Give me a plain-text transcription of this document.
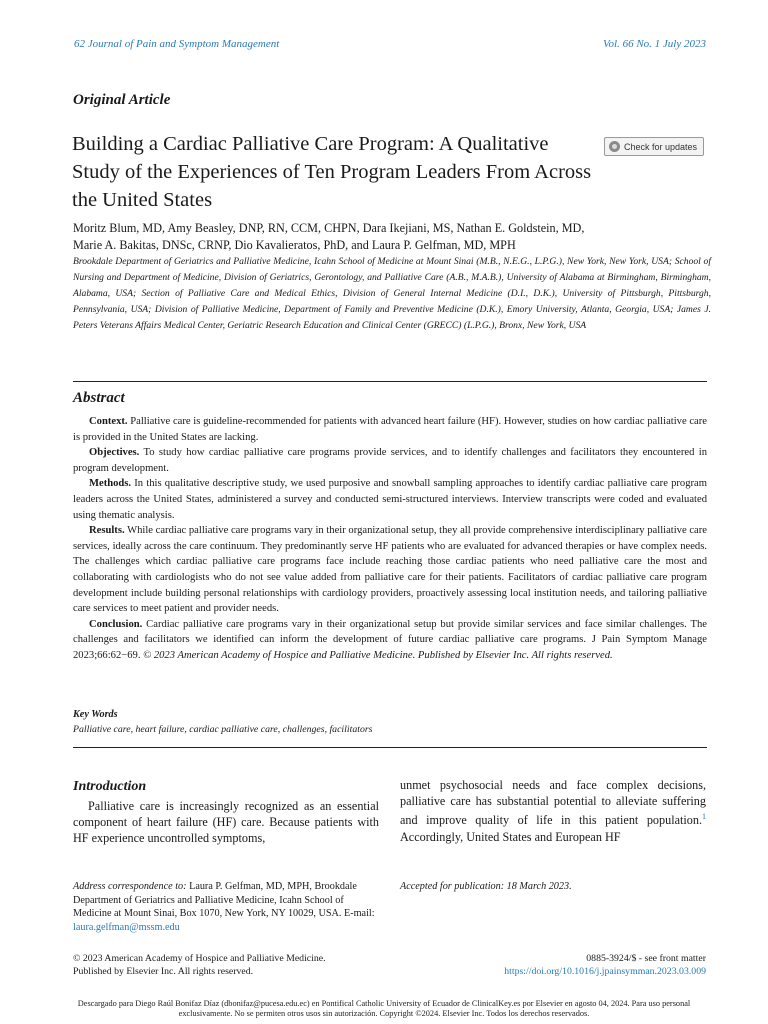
62 Journal of Pain and Symptom Management	Vol. 66 No. 1 July 2023
Original Article
Building a Cardiac Palliative Care Program: A Qualitative Study of the Experiences of Ten Program Leaders From Across the United States
Check for updates
Moritz Blum, MD, Amy Beasley, DNP, RN, CCM, CHPN, Dara Ikejiani, MS, Nathan E. Goldstein, MD,
Marie A. Bakitas, DNSc, CRNP, Dio Kavalieratos, PhD, and Laura P. Gelfman, MD, MPH
Brookdale Department of Geriatrics and Palliative Medicine, Icahn School of Medicine at Mount Sinai (M.B., N.E.G., L.P.G.), New York, New York, USA; School of Nursing and Department of Medicine, Division of Geriatrics, Gerontology, and Palliative Care (A.B., M.A.B.), University of Alabama at Birmingham, Birmingham, Alabama, USA; Section of Palliative Care and Medical Ethics, Division of General Internal Medicine (D.I., D.K.), University of Pittsburgh, Pittsburgh, Pennsylvania, USA; Division of Palliative Medicine, Department of Family and Preventive Medicine (D.K.), Emory University, Atlanta, Georgia, USA; James J. Peters Veterans Affairs Medical Center, Geriatric Research Education and Clinical Center (GRECC) (L.P.G.), Bronx, New York, USA
Abstract

Context. Palliative care is guideline-recommended for patients with advanced heart failure (HF). However, studies on how cardiac palliative care is provided in the United States are lacking.

Objectives. To study how cardiac palliative care programs provide services, and to identify challenges and facilitators they encountered in program development.

Methods. In this qualitative descriptive study, we used purposive and snowball sampling approaches to identify cardiac palliative care program leaders across the United States, administered a survey and conducted semi-structured interviews. Interview transcripts were coded and evaluated using thematic analysis.

Results. While cardiac palliative care programs vary in their organizational setup, they all provide comprehensive interdisciplinary palliative care services, ideally across the care continuum. They predominantly serve HF patients who are evaluated for advanced therapies or have complex needs. The challenges which cardiac palliative care programs face include reaching those cardiac patients who need palliative care the most and collaborating with cardiologists who do not see value added from palliative care for their patients. Facilitators of cardiac palliative care program development include building personal relationships with cardiology providers, proactively assessing local institution needs, and tailoring palliative care services to meet patient and provider needs.

Conclusion. Cardiac palliative care programs vary in their organizational setup but provide similar services and face similar challenges. The challenges and facilitators we identified can inform the development of future cardiac palliative care programs. J Pain Symptom Manage 2023;66:62−69. © 2023 American Academy of Hospice and Palliative Medicine. Published by Elsevier Inc. All rights reserved.

Key Words
Palliative care, heart failure, cardiac palliative care, challenges, facilitators
Introduction
Palliative care is increasingly recognized as an essential component of heart failure (HF) care. Because patients with HF experience uncontrolled symptoms,
unmet psychosocial needs and face complex decisions, palliative care has substantial potential to alleviate suffering and improve quality of life in this patient population.$^1$ Accordingly, United States and European HF
Address correspondence to: Laura P. Gelfman, MD, MPH, Brookdale Department of Geriatrics and Palliative Medicine, Icahn School of Medicine at Mount Sinai, Box 1070, New York, NY 10029, USA. E-mail: laura.gelfman@mssm.edu
Accepted for publication: 18 March 2023.
© 2023 American Academy of Hospice and Palliative Medicine.
Published by Elsevier Inc. All rights reserved.
0885-3924/$ - see front matter
https://doi.org/10.1016/j.jpainsymman.2023.03.009
Descargado para Diego Raúl Bonifaz Díaz (dbonifaz@pucesa.edu.ec) en Pontifical Catholic University of Ecuador de ClinicalKey.es por Elsevier en agosto 04, 2024. Para uso personal exclusivamente. No se permiten otros usos sin autorización. Copyright ©2024. Elsevier Inc. Todos los derechos reservados.
